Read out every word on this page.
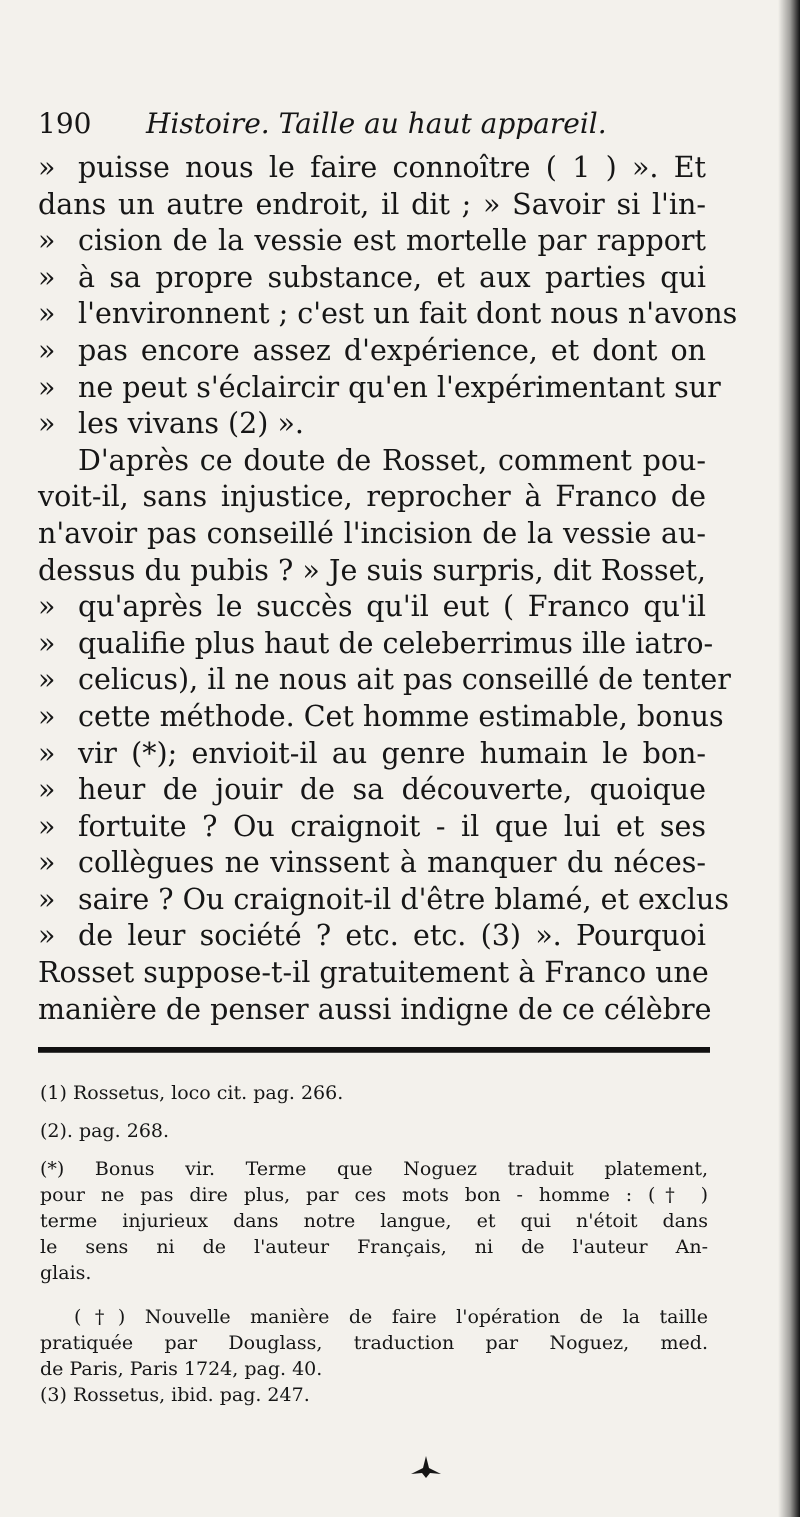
190 Histoire. Taille au haut appareil.
» puisse nous le faire connoître ( 1 ) ». Et
dans un autre endroit, il dit ; » Savoir si l'in-
» cision de la vessie est mortelle par rapport
» à sa propre substance, et aux parties qui
» l'environnent ; c'est un fait dont nous n'avons
» pas encore assez d'expérience, et dont on
» ne peut s'éclaircir qu'en l'expérimentant sur
» les vivans (2) ».
D'après ce doute de Rosset, comment pou-
voit-il, sans injustice, reprocher à Franco de
n'avoir pas conseillé l'incision de la vessie au-
dessus du pubis ? » Je suis surpris, dit Rosset,
» qu'après le succès qu'il eut ( Franco qu'il
» qualifie plus haut de celeberrimus ille iatro-
» celicus), il ne nous ait pas conseillé de tenter
» cette méthode. Cet homme estimable, bonus
» vir (*); envioit-il au genre humain le bon-
» heur de jouir de sa découverte, quoique
» fortuite ? Ou craignoit - il que lui et ses
» collègues ne vinssent à manquer du néces-
» saire ? Ou craignoit-il d'être blamé, et exclus
» de leur société ? etc. etc. (3) ». Pourquoi
Rosset suppose-t-il gratuitement à Franco une
manière de penser aussi indigne de ce célèbre
(1) Rossetus, loco cit. pag. 266.
(2). pag. 268.
(*) Bonus vir. Terme que Noguez traduit platement,
pour ne pas dire plus, par ces mots bon - homme : († )
terme injurieux dans notre langue, et qui n'étoit dans
le sens ni de l'auteur Français, ni de l'auteur An-
glais.
(†) Nouvelle manière de faire l'opération de la taille
pratiquée par Douglass, traduction par Noguez, med.
de Paris, Paris 1724, pag. 40.
(3) Rossetus, ibid. pag. 247.
